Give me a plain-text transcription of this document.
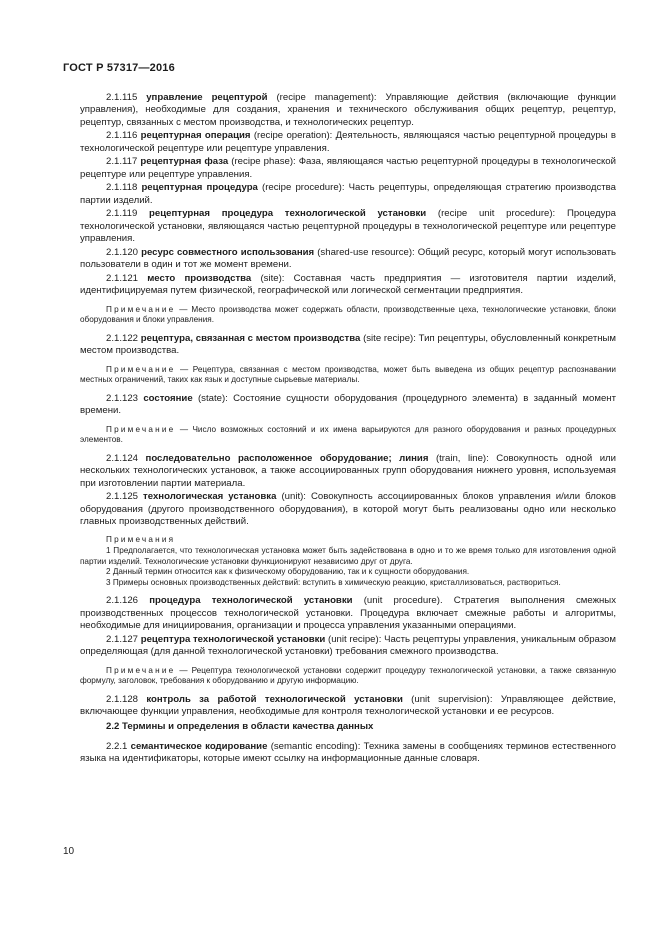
ГОСТ Р 57317—2016

2.1.115 управление рецептурой (recipe management): Управляющие действия (включающие функции управления), необходимые для создания, хранения и технического обслуживания общих рецептур, рецептур, рецептур, связанных с местом производства, и технологических рецептур.

2.1.116 рецептурная операция (recipe operation): Деятельность, являющаяся частью рецептурной процедуры в технологической рецептуре или рецептуре управления.

2.1.117 рецептурная фаза (recipe phase): Фаза, являющаяся частью рецептурной процедуры в технологической рецептуре или рецептуре управления.

2.1.118 рецептурная процедура (recipe procedure): Часть рецептуры, определяющая стратегию производства партии изделий.

2.1.119 рецептурная процедура технологической установки (recipe unit procedure): Процедура технологической установки, являющаяся частью рецептурной процедуры в технологической рецептуре или рецептуре управления.

2.1.120 ресурс совместного использования (shared-use resource): Общий ресурс, который могут использовать пользователи в один и тот же момент времени.

2.1.121 место производства (site): Составная часть предприятия — изготовителя партии изделий, идентифицируемая путем физической, географической или логической сегментации предприятия.

Примечание — Место производства может содержать области, производственные цеха, технологические установки, блоки оборудования и блоки управления.

2.1.122 рецептура, связанная с местом производства (site recipe): Тип рецептуры, обусловленный конкретным местом производства.

Примечание — Рецептура, связанная с местом производства, может быть выведена из общих рецептур распознавании местных ограничений, таких как язык и доступные сырьевые материалы.

2.1.123 состояние (state): Состояние сущности оборудования (процедурного элемента) в заданный момент времени.

Примечание — Число возможных состояний и их имена варьируются для разного оборудования и разных процедурных элементов.

2.1.124 последовательно расположенное оборудование; линия (train, line): Совокупность одной или нескольких технологических установок, а также ассоциированных групп оборудования нижнего уровня, используемая при изготовлении партии материала.

2.1.125 технологическая установка (unit): Совокупность ассоциированных блоков управления и/или блоков оборудования (другого производственного оборудования), в которой могут быть реализованы одно или несколько главных производственных действий.

Примечания

1 Предполагается, что технологическая установка может быть задействована в одно и то же время только для изготовления одной партии изделий. Технологические установки функционируют независимо друг от друга.

2 Данный термин относится как к физическому оборудованию, так и к сущности оборудования.

3 Примеры основных производственных действий: вступить в химическую реакцию, кристаллизоваться, раствориться.

2.1.126 процедура технологической установки (unit procedure). Стратегия выполнения смежных производственных процессов технологической установки. Процедура включает смежные работы и алгоритмы, необходимые для инициирования, организации и процесса управления указанными операциями.

2.1.127 рецептура технологической установки (unit recipe): Часть рецептуры управления, уникальным образом определяющая (для данной технологической установки) требования смежного производства.

Примечание — Рецептура технологической установки содержит процедуру технологической установки, а также связанную формулу, заголовок, требования к оборудованию и другую информацию.

2.1.128 контроль за работой технологической установки (unit supervision): Управляющее действие, включающее функции управления, необходимые для контроля технологической установки и ее ресурсов.

2.2 Термины и определения в области качества данных

2.2.1 семантическое кодирование (semantic encoding): Техника замены в сообщениях терминов естественного языка на идентификаторы, которые имеют ссылку на информационные данные словаря.

10
